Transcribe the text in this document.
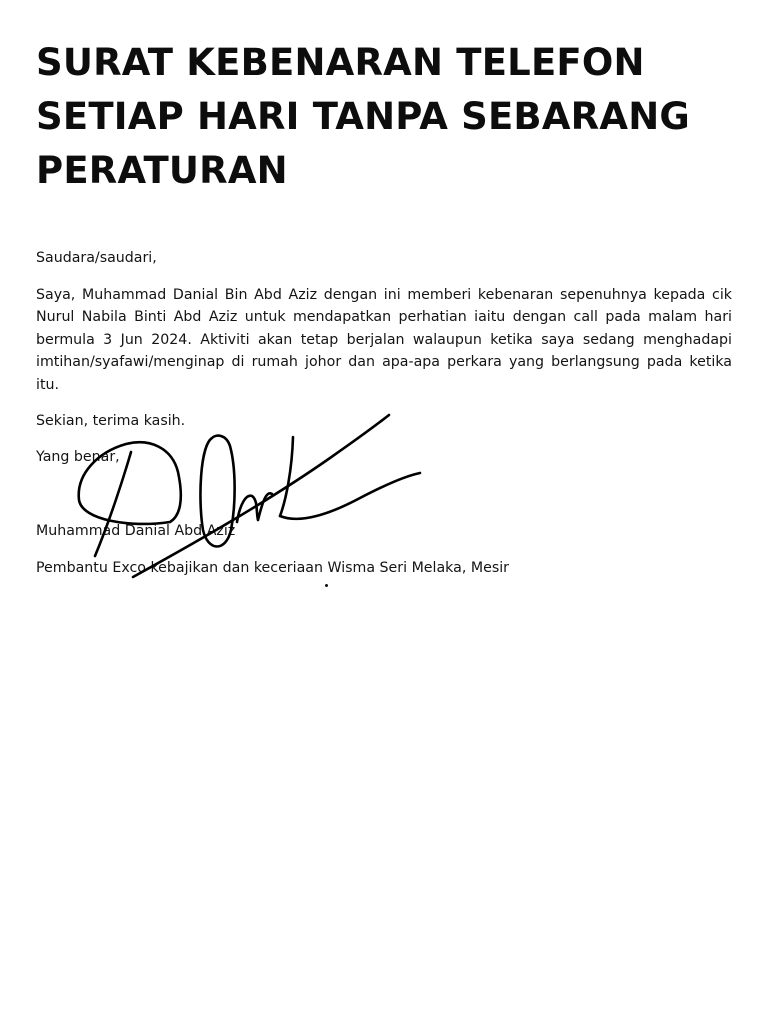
SURAT KEBENARAN TELEFON SETIAP HARI TANPA SEBARANG PERATURAN

Saudara/saudari,

Saya, Muhammad Danial Bin Abd Aziz dengan ini memberi kebenaran sepenuhnya kepada cik Nurul Nabila Binti Abd Aziz untuk mendapatkan perhatian iaitu dengan call pada malam hari bermula 3 Jun 2024. Aktiviti akan tetap berjalan walaupun ketika saya sedang menghadapi imtihan/syafawi/menginap di rumah johor dan apa-apa perkara yang berlangsung pada ketika itu.

Sekian, terima kasih.

Yang benar,

Muhammad Danial Abd Aziz

Pembantu Exco kebajikan dan keceriaan Wisma Seri Melaka, Mesir
